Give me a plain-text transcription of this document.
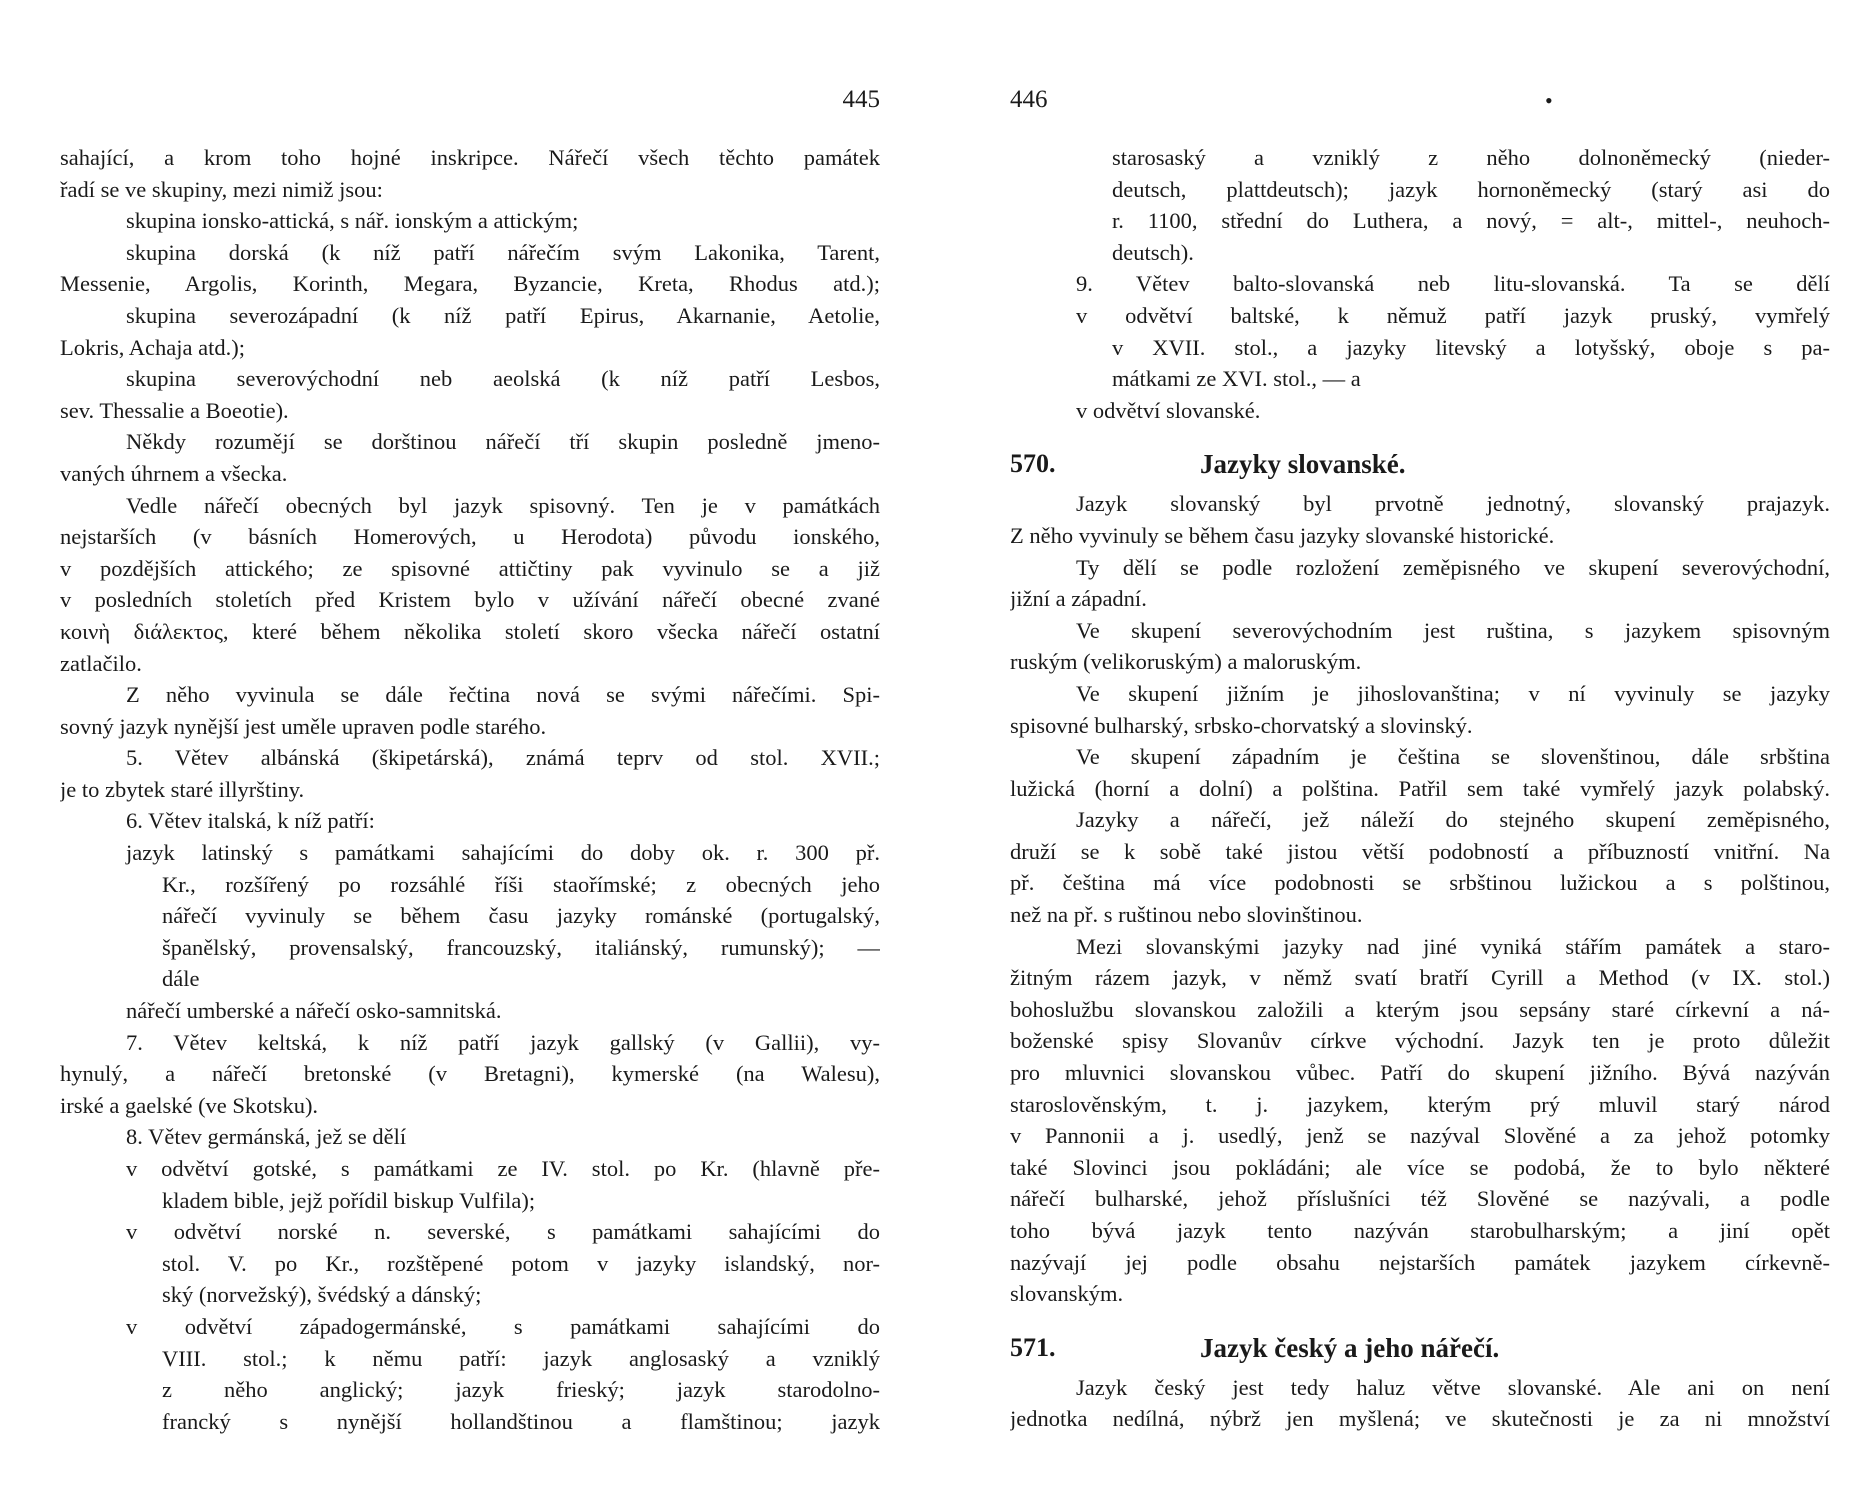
445
sahající, a krom toho hojné inskripce. Nářečí všech těchto památek
řadí se ve skupiny, mezi nimiž jsou:
skupina ionsko-attická, s nář. ionským a attickým;
skupina dorská (k níž patří nářečím svým Lakonika, Tarent,
Messenie, Argolis, Korinth, Megara, Byzancie, Kreta, Rhodus atd.);
skupina severozápadní (k níž patří Epirus, Akarnanie, Aetolie,
Lokris, Achaja atd.);
skupina severovýchodní neb aeolská (k níž patří Lesbos,
sev. Thessalie a Boeotie).
Někdy rozumějí se dorštinou nářečí tří skupin posledně jmeno-
vaných úhrnem a všecka.
Vedle nářečí obecných byl jazyk spisovný. Ten je v památkách
nejstarších (v básních Homerových, u Herodota) původu ionského,
v pozdějších attického; ze spisovné attičtiny pak vyvinulo se a již
v posledních stoletích před Kristem bylo v užívání nářečí obecné zvané
κοινὴ διάλεκτος, které během několika století skoro všecka nářečí ostatní
zatlačilo.
Z něho vyvinula se dále řečtina nová se svými nářečími. Spi-
sovný jazyk nynější jest uměle upraven podle starého.
5. Větev albánská (škipetárská), známá teprv od stol. XVII.;
je to zbytek staré illyrštiny.
6. Větev italská, k níž patří:
jazyk latinský s památkami sahajícími do doby ok. r. 300 př.
Kr., rozšířený po rozsáhlé říši staořímské; z obecných jeho
nářečí vyvinuly se během času jazyky románské (portugalský,
španělský, provensalský, francouzský, italiánský, rumunský); —
dále
nářečí umberské a nářečí osko-samnitská.
7. Větev keltská, k níž patří jazyk gallský (v Gallii), vy-
hynulý, a nářečí bretonské (v Bretagni), kymerské (na Walesu),
irské a gaelské (ve Skotsku).
8. Větev germánská, jež se dělí
v odvětví gotské, s památkami ze IV. stol. po Kr. (hlavně pře-
kladem bible, jejž pořídil biskup Vulfila);
v odvětví norské n. severské, s památkami sahajícími do
stol. V. po Kr., rozštěpené potom v jazyky islandský, nor-
ský (norvežský), švédský a dánský;
v odvětví západogermánské, s památkami sahajícími do
VIII. stol.; k němu patří: jazyk anglosaský a vzniklý
z něho anglický; jazyk frieský; jazyk starodolno-
francký s nynější hollandštinou a flamštinou; jazyk
446	•
starosaský a vzniklý z něho dolnoněmecký (nieder-
deutsch, plattdeutsch); jazyk hornoněmecký (starý asi do
r. 1100, střední do Luthera, a nový, = alt-, mittel-, neuhoch-
deutsch).
9. Větev balto-slovanská neb litu-slovanská. Ta se dělí
v odvětví baltské, k němuž patří jazyk pruský, vymřelý
v XVII. stol., a jazyky litevský a lotyšský, oboje s pa-
mátkami ze XVI. stol., — a
v odvětví slovanské.
570.	Jazyky slovanské.
Jazyk slovanský byl prvotně jednotný, slovanský prajazyk.
Z něho vyvinuly se během času jazyky slovanské historické.
Ty dělí se podle rozložení zeměpisného ve skupení severovýchodní,
jižní a západní.
Ve skupení severovýchodním jest ruština, s jazykem spisovným
ruským (velikoruským) a maloruským.
Ve skupení jižním je jihoslovanština; v ní vyvinuly se jazyky
spisovné bulharský, srbsko-chorvatský a slovinský.
Ve skupení západním je čeština se slovenštinou, dále srbština
lužická (horní a dolní) a polština. Patřil sem také vymřelý jazyk polabský.
Jazyky a nářečí, jež náleží do stejného skupení zeměpisného,
druží se k sobě také jistou větší podobností a příbuzností vnitřní. Na
př. čeština má více podobnosti se srbštinou lužickou a s polštinou,
než na př. s ruštinou nebo slovinštinou.
Mezi slovanskými jazyky nad jiné vyniká stářím památek a staro-
žitným rázem jazyk, v němž svatí bratří Cyrill a Method (v IX. stol.)
bohoslužbu slovanskou založili a kterým jsou sepsány staré církevní a ná-
boženské spisy Slovanův církve východní. Jazyk ten je proto důležit
pro mluvnici slovanskou vůbec. Patří do skupení jižního. Bývá nazýván
staroslověnským, t. j. jazykem, kterým prý mluvil starý národ
v Pannonii a j. usedlý, jenž se nazýval Slověné a za jehož potomky
také Slovinci jsou pokládáni; ale více se podobá, že to bylo některé
nářečí bulharské, jehož příslušníci též Slověné se nazývali, a podle
toho bývá jazyk tento nazýván starobulharským; a jiní opět
nazývají jej podle obsahu nejstarších památek jazykem církevně-
slovanským.
571.	Jazyk český a jeho nářečí.
Jazyk český jest tedy haluz větve slovanské. Ale ani on není
jednotka nedílná, nýbrž jen myšlená; ve skutečnosti je za ni množství
